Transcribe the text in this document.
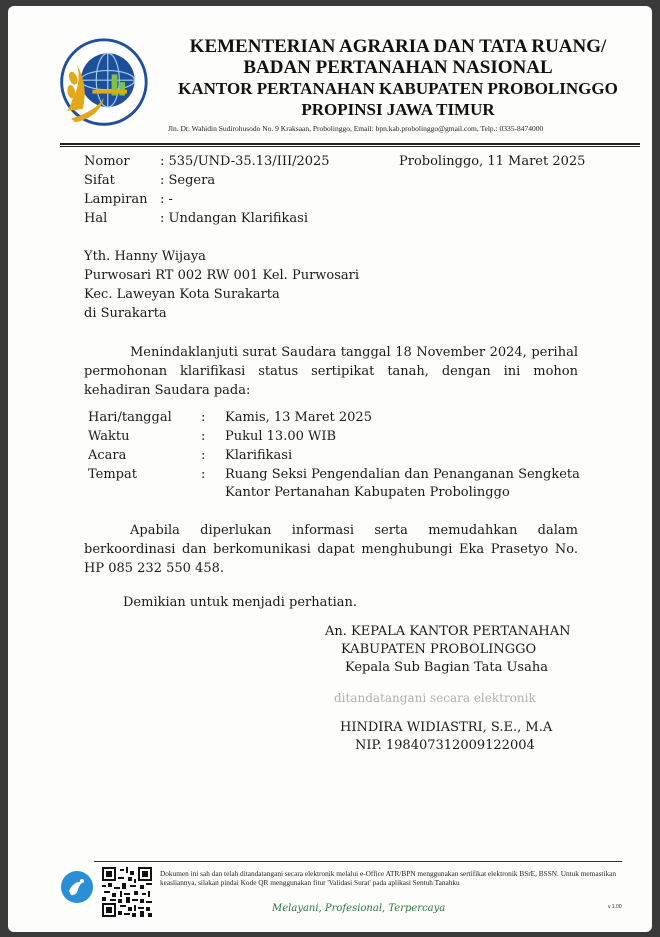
KEMENTERIAN AGRARIA DAN TATA RUANG/
BADAN PERTANAHAN NASIONAL
KANTOR PERTANAHAN KABUPATEN PROBOLINGGO
PROPINSI JAWA TIMUR
Jln. Dr. Wahidin Sudirohusodo No. 9 Kraksaan, Probolinggo, Email: bpn.kab.probolinggo@gmail.com, Telp.: 0335-8474000
Nomor : 535/UND-35.13/III/2025	Probolinggo, 11 Maret 2025
Sifat	: Segera
Lampiran : -
Hal	: Undangan Klarifikasi
Yth. Hanny Wijaya
Purwosari RT 002 RW 001 Kel. Purwosari
Kec. Laweyan Kota Surakarta
di Surakarta
Menindaklanjuti surat Saudara tanggal 18 November 2024, perihal permohonan klarifikasi status sertipikat tanah, dengan ini mohon kehadiran Saudara pada:
Hari/tanggal : Kamis, 13 Maret 2025
Waktu	: Pukul 13.00 WIB
Acara	: Klarifikasi
Tempat	: Ruang Seksi Pengendalian dan Penanganan Sengketa
Kantor Pertanahan Kabupaten Probolinggo
Apabila diperlukan informasi serta memudahkan dalam berkoordinasi dan berkomunikasi dapat menghubungi Eka Prasetyo No. HP 085 232 550 458.
Demikian untuk menjadi perhatian.
An. KEPALA KANTOR PERTANAHAN
KABUPATEN PROBOLINGGO
Kepala Sub Bagian Tata Usaha
ditandatangani secara elektronik
HINDIRA WIDIASTRI, S.E., M.A
NIP. 198407312009122004
Dokumen ini sah dan telah ditandatangani secara elektronik melalui e-Office ATR/BPN menggunakan sertifikat elektronik BSrE, BSSN. Untuk memastikan keasliannya, silakan pindai Kode QR menggunakan fitur 'Validasi Surat' pada aplikasi Sentuh Tanahku
Melayani, Profesional, Terpercaya	v 1.00
